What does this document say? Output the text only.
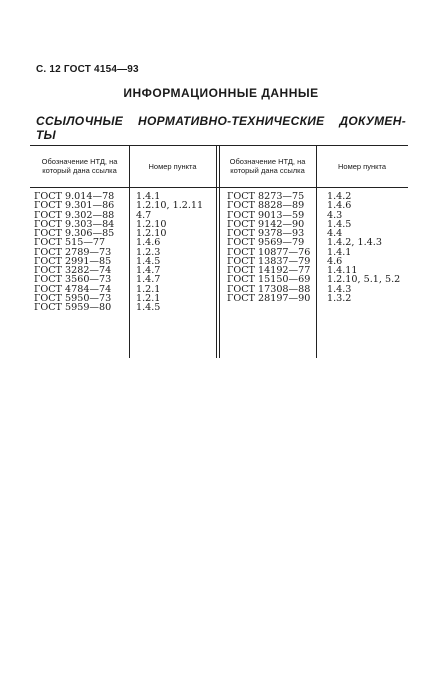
С. 12 ГОСТ 4154—93
ИНФОРМАЦИОННЫЕ ДАННЫЕ
ССЫЛОЧНЫЕ НОРМАТИВНО-ТЕХНИЧЕСКИЕ ДОКУМЕН-
ТЫ
Обозначение НТД, на который дана ссылка	Номер пункта
Обозначение НТД, на который дана ссылка	Номер пункта
ГОСТ 9.014—78
ГОСТ 9.301—86
ГОСТ 9.302—88
ГОСТ 9.303—84
ГОСТ 9.306—85
ГОСТ 515—77
ГОСТ 2789—73
ГОСТ 2991—85
ГОСТ 3282—74
ГОСТ 3560—73
ГОСТ 4784—74
ГОСТ 5950—73
ГОСТ 5959—80
1.4.1
1.2.10, 1.2.11
4.7
1.2.10
1.2.10
1.4.6
1.2.3
1.4.5
1.4.7
1.4.7
1.2.1
1.2.1
1.4.5
ГОСТ 8273—75
ГОСТ 8828—89
ГОСТ 9013—59
ГОСТ 9142—90
ГОСТ 9378—93
ГОСТ 9569—79
ГОСТ 10877—76
ГОСТ 13837—79
ГОСТ 14192—77
ГОСТ 15150—69
ГОСТ 17308—88
ГОСТ 28197—90
1.4.2
1.4.6
4.3
1.4.5
4.4
1.4.2, 1.4.3
1.4.1
4.6
1.4.11
1.2.10, 5.1, 5.2
1.4.3
1.3.2
